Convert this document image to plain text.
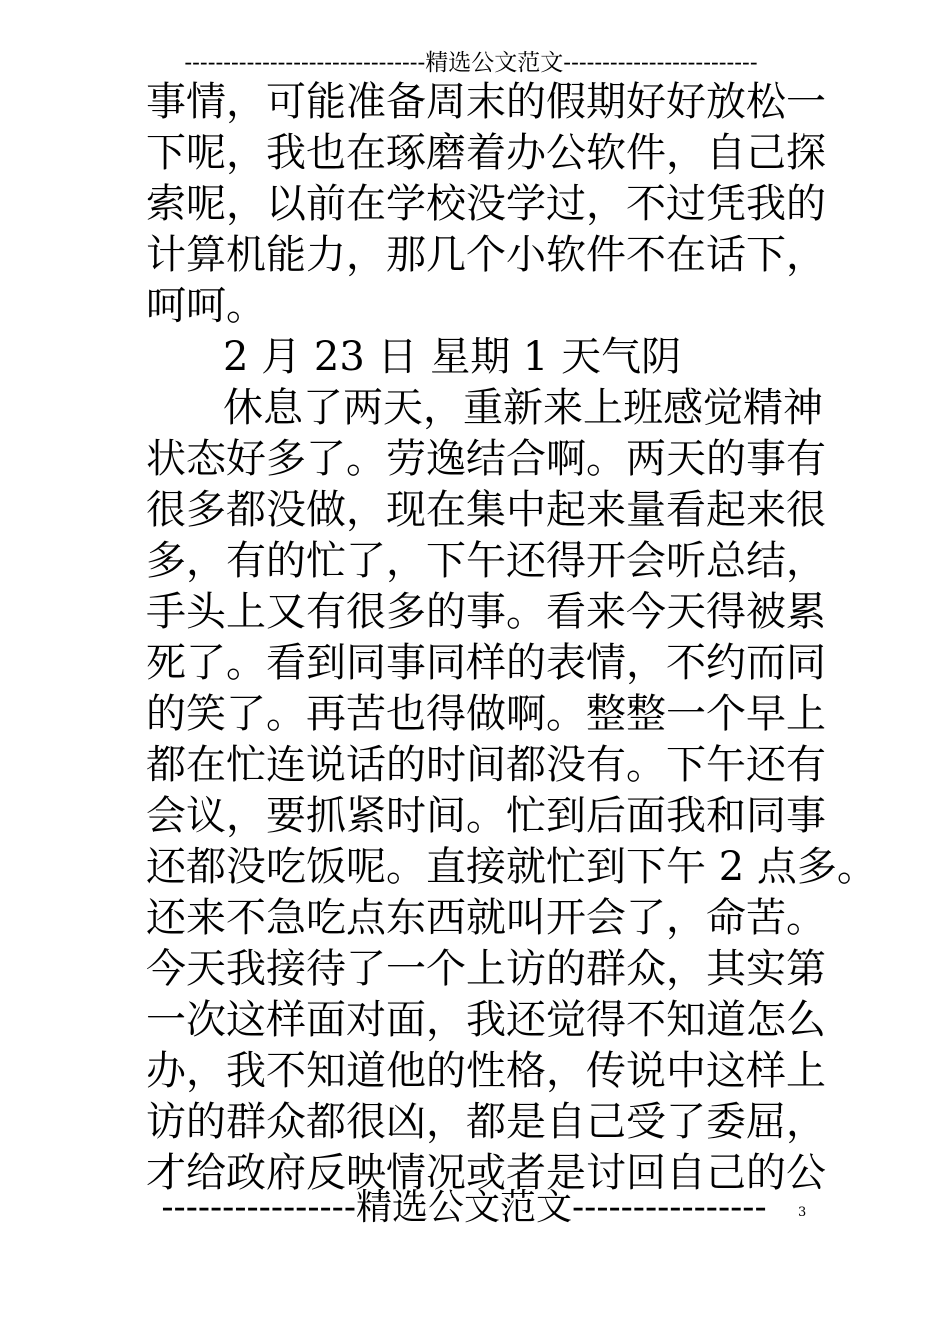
-------------------------------精选公文范文-------------------------
事情，可能准备周末的假期好好放松一
下呢，我也在琢磨着办公软件，自己探
索呢，以前在学校没学过，不过凭我的
计算机能力，那几个小软件不在话下，
呵呵。
2 月 23 日 星期 1 天气阴
休息了两天，重新来上班感觉精神
状态好多了。劳逸结合啊。两天的事有
很多都没做，现在集中起来量看起来很
多，有的忙了，下午还得开会听总结，
手头上又有很多的事。看来今天得被累
死了。看到同事同样的表情，不约而同
的笑了。再苦也得做啊。整整一个早上
都在忙连说话的时间都没有。下午还有
会议，要抓紧时间。忙到后面我和同事
还都没吃饭呢。直接就忙到下午 2 点多。
还来不急吃点东西就叫开会了，命苦。
今天我接待了一个上访的群众，其实第
一次这样面对面，我还觉得不知道怎么
办，我不知道他的性格，传说中这样上
访的群众都很凶，都是自己受了委屈，
才给政府反映情况或者是讨回自己的公
----------------精选公文范文----------------	3
